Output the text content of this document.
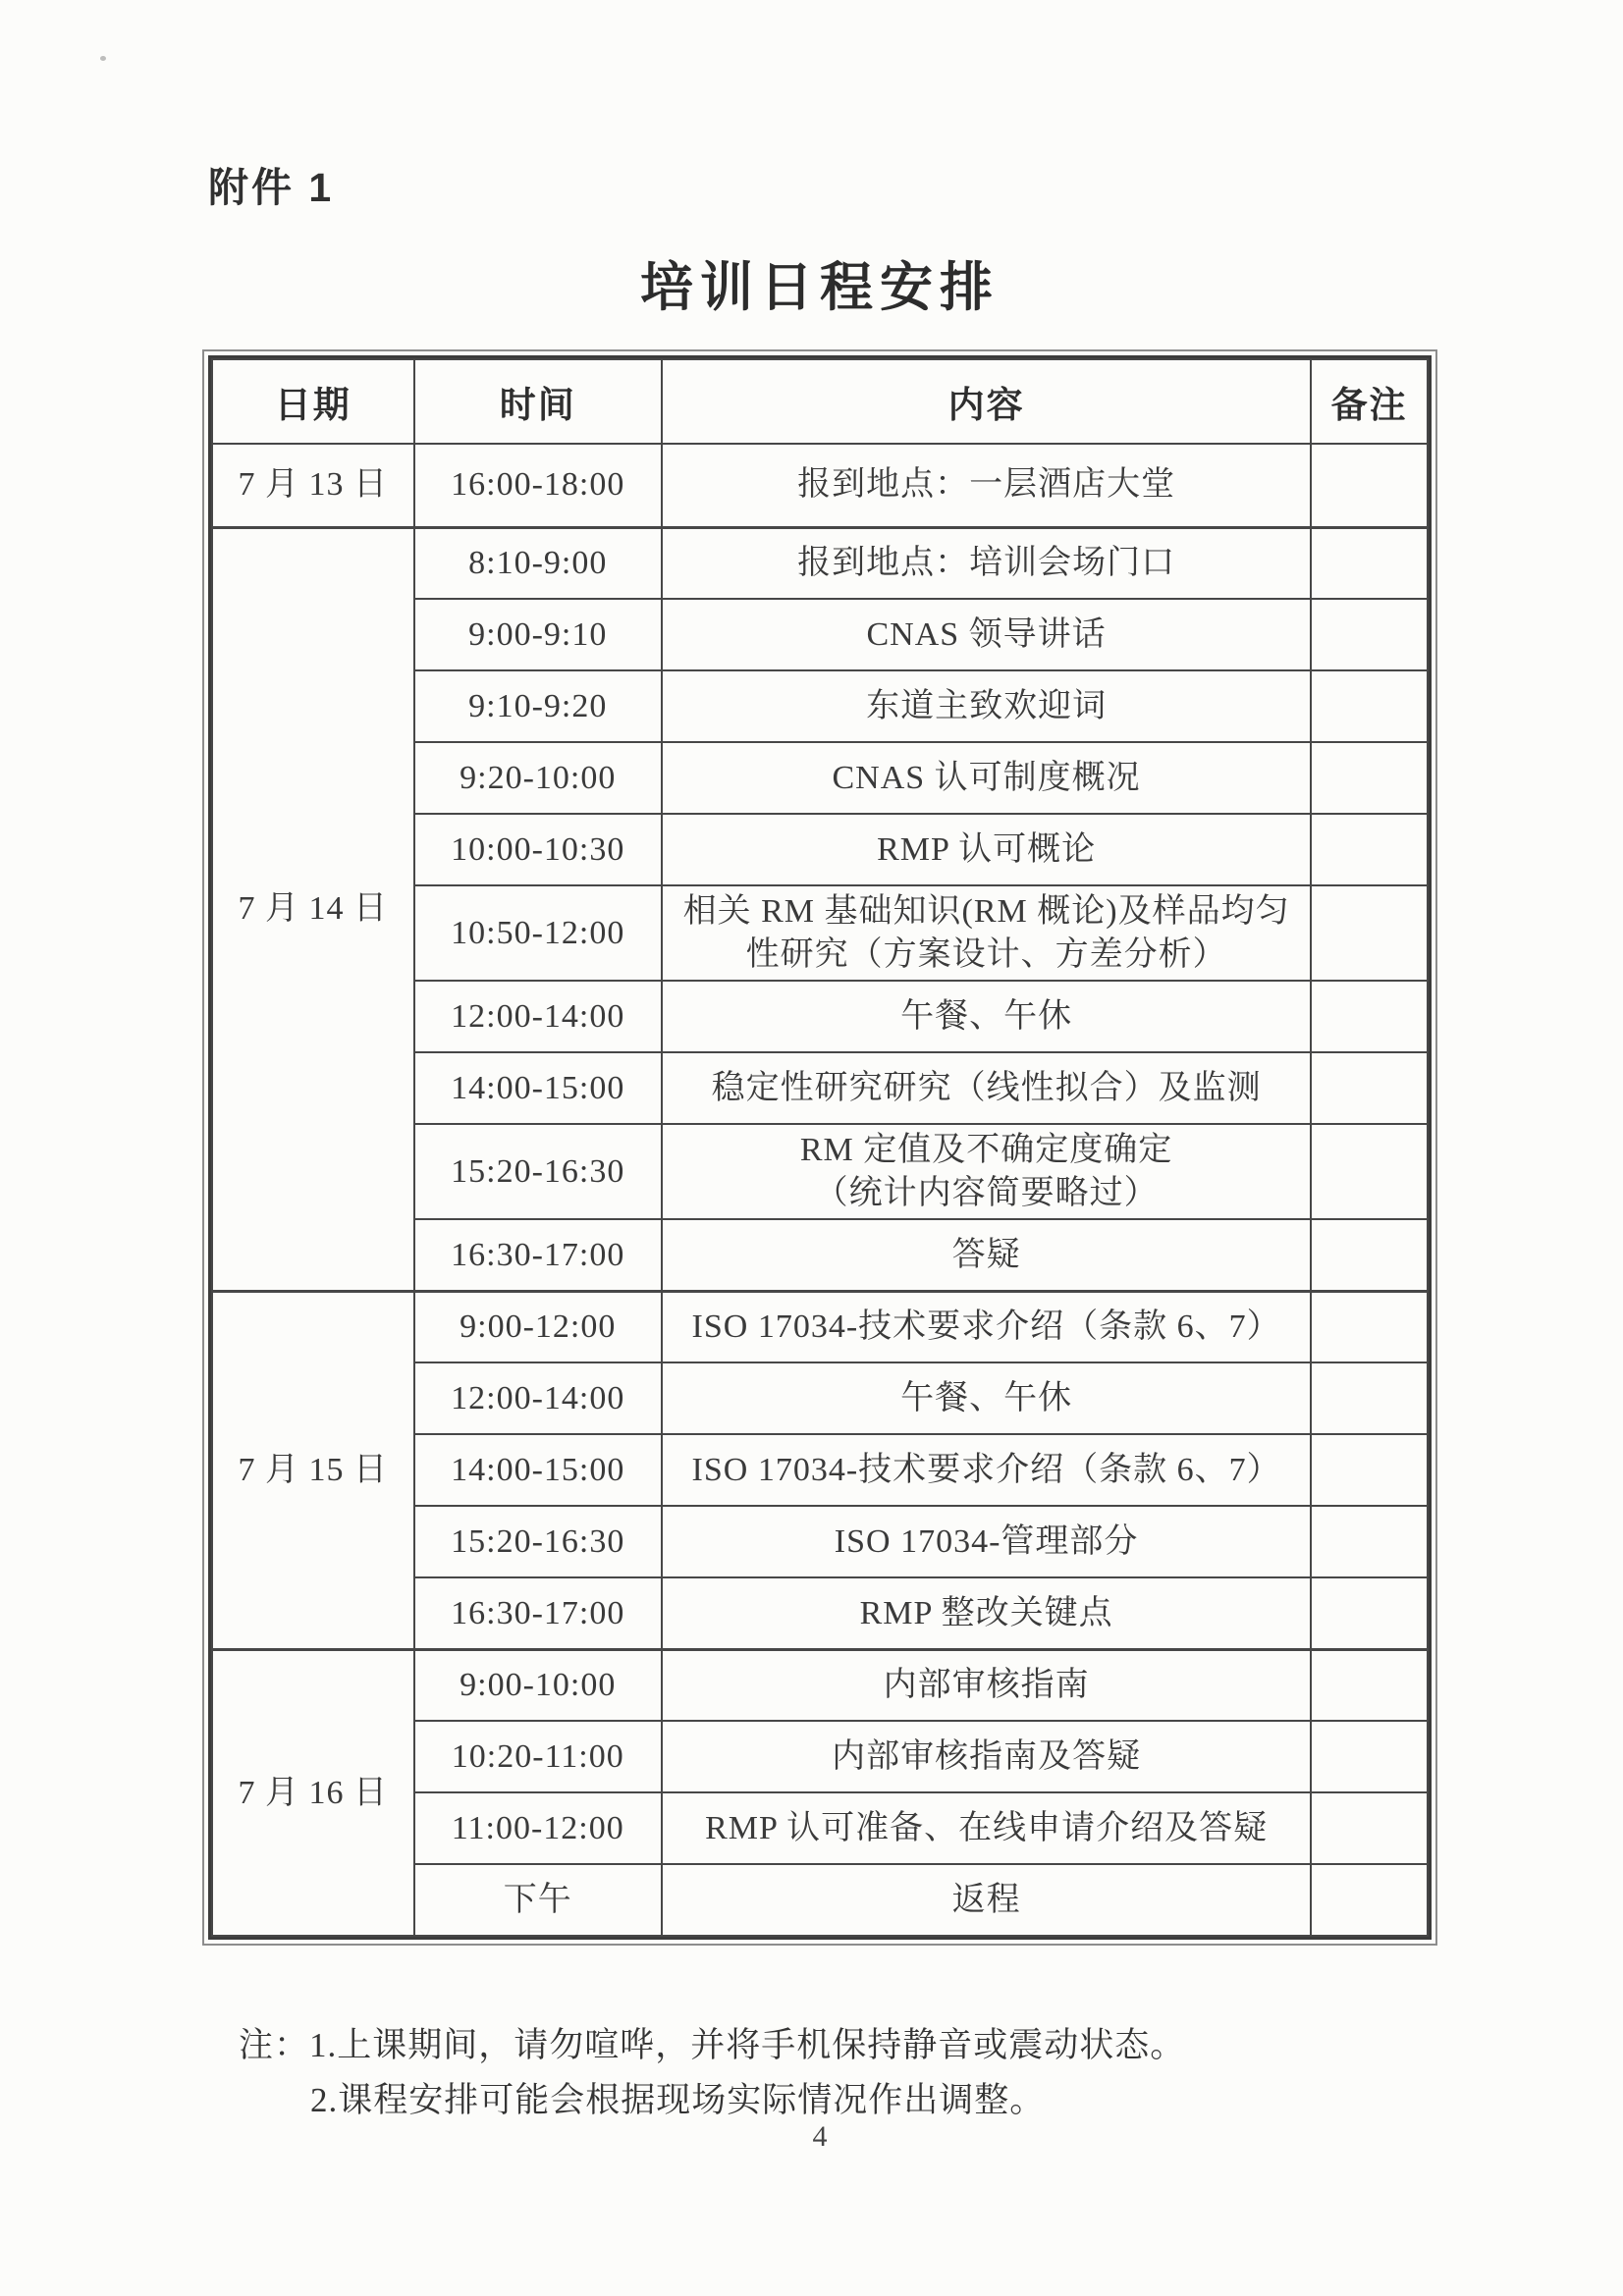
附件 1
培训日程安排
日期	时间	内容	备注
7 月 13 日	16:00-18:00	报到地点：一层酒店大堂	
7 月 14 日	8:10-9:00	报到地点：培训会场门口	
	9:00-9:10	CNAS 领导讲话	
	9:10-9:20	东道主致欢迎词	
	9:20-10:00	CNAS 认可制度概况	
	10:00-10:30	RMP 认可概论	
	10:50-12:00	相关 RM 基础知识(RM 概论)及样品均匀
性研究（方案设计、方差分析）	
	12:00-14:00	午餐、午休	
	14:00-15:00	稳定性研究研究（线性拟合）及监测	
	15:20-16:30	RM 定值及不确定度确定
（统计内容简要略过）	
	16:30-17:00	答疑	
7 月 15 日	9:00-12:00	ISO 17034-技术要求介绍（条款 6、7）	
	12:00-14:00	午餐、午休	
	14:00-15:00	ISO 17034-技术要求介绍（条款 6、7）	
	15:20-16:30	ISO 17034-管理部分	
	16:30-17:00	RMP 整改关键点	
7 月 16 日	9:00-10:00	内部审核指南	
	10:20-11:00	内部审核指南及答疑	
	11:00-12:00	RMP 认可准备、在线申请介绍及答疑	
	下午	返程	
注：1.上课期间，请勿喧哗，并将手机保持静音或震动状态。
2.课程安排可能会根据现场实际情况作出调整。
4
